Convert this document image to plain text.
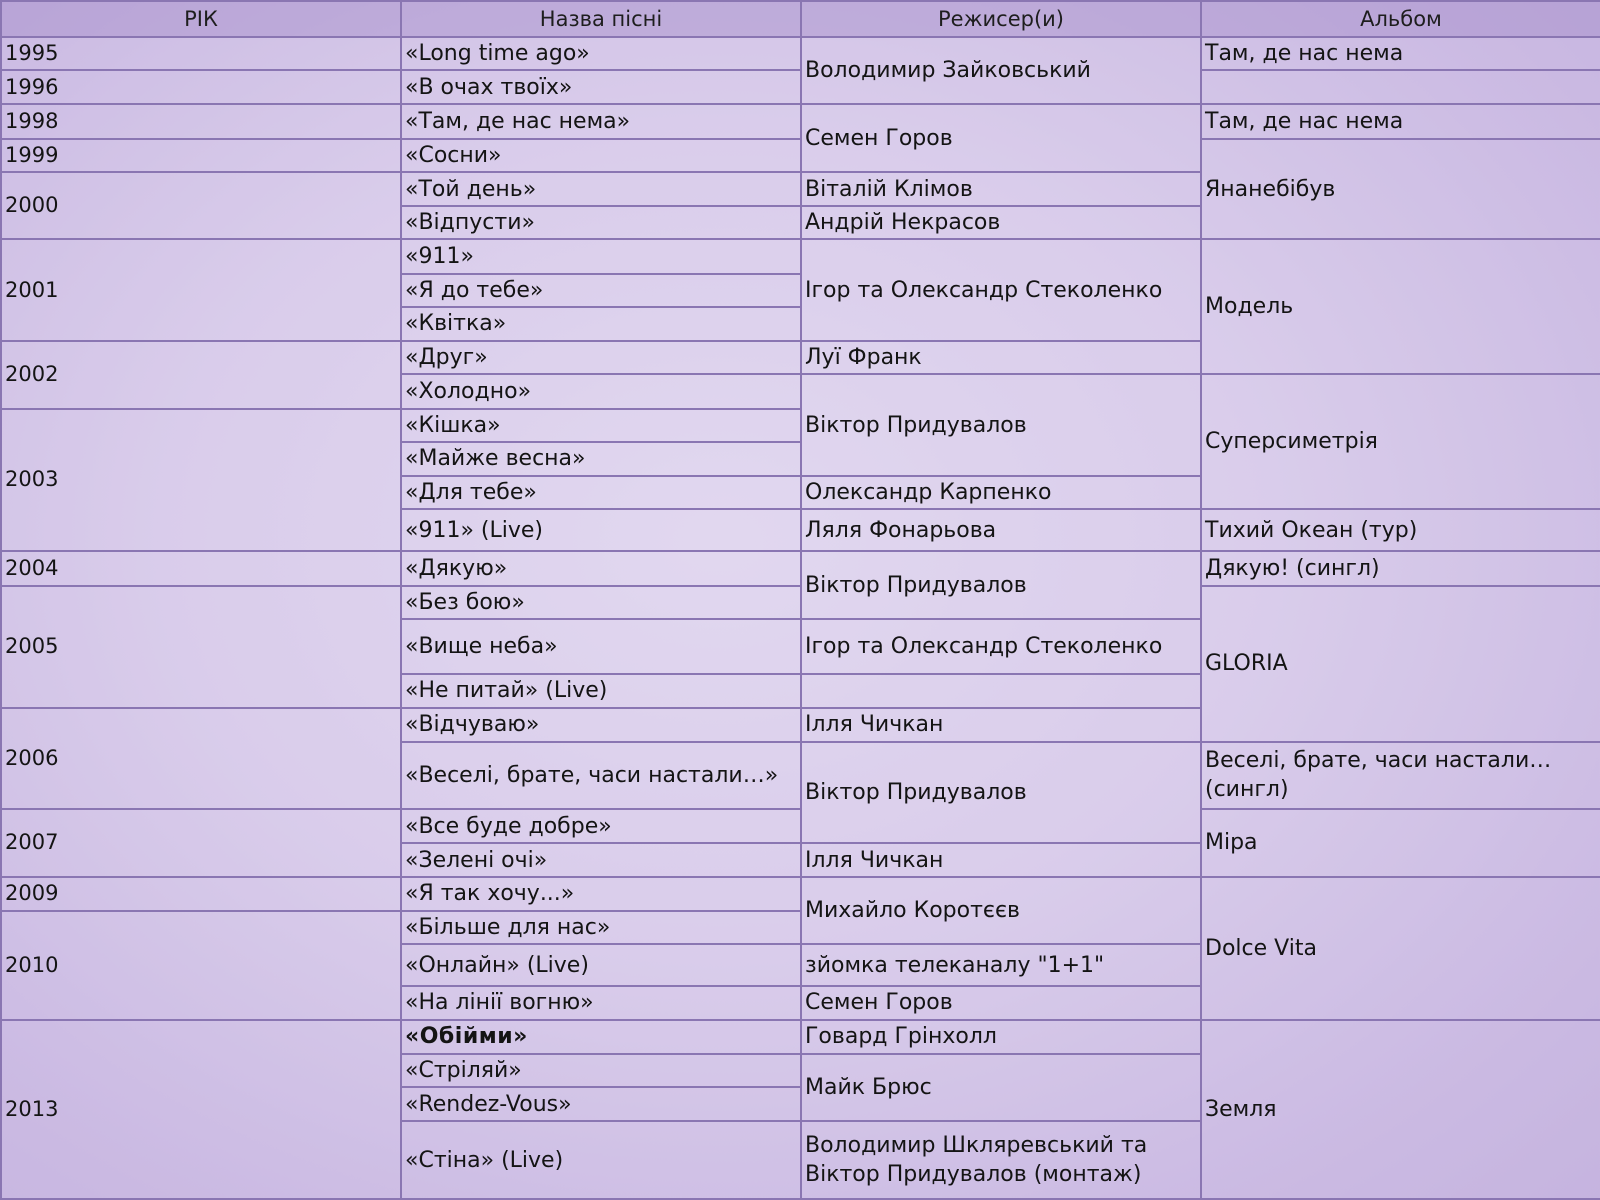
РІК	Назва пісні	Режисер(и)	Альбом
1995	«Long time ago»	Володимир Зайковський	Там, де нас нема
1996	«В очах твоїх»		
1998	«Там, де нас нема»	Семен Горов	Там, де нас нема
1999	«Сосни»		Янанебібув
2000	«Той день»	Віталій Клімов	
	«Відпусти»	Андрій Некрасов	
2001	«911»	Ігор та Олександр Стеколенко	Модель
	«Я до тебе»		
	«Квітка»		
2002	«Друг»	Луї Франк	
	«Холодно»	Віктор Придувалов	Суперсиметрія
2003	«Кішка»		
	«Майже весна»		
	«Для тебе»	Олександр Карпенко	
	«911» (Live)	Ляля Фонарьова	Тихий Океан (тур)
2004	«Дякую»	Віктор Придувалов	Дякую! (сингл)
2005	«Без бою»		GLORIA
	«Вище неба»	Ігор та Олександр Стеколенко	
	«Не питай» (Live)		
2006	«Відчуваю»	Ілля Чичкан	
	«Веселі, брате, часи настали…»	Віктор Придувалов	Веселі, брате, часи настали… (сингл)
2007	«Все буде добре»		Міра
	«Зелені очі»	Ілля Чичкан	
2009	«Я так хочу...»	Михайло Коротєєв	Dolce Vita
2010	«Більше для нас»		
	«Онлайн» (Live)	зйомка телеканалу "1+1"	
	«На лінії вогню»	Семен Горов	
2013	«Обійми»	Говард Грінхолл	Земля
	«Стріляй»	Майк Брюс	
	«Rendez-Vous»		
	«Стіна» (Live)	Володимир Шкляревський та Віктор Придувалов (монтаж)	
